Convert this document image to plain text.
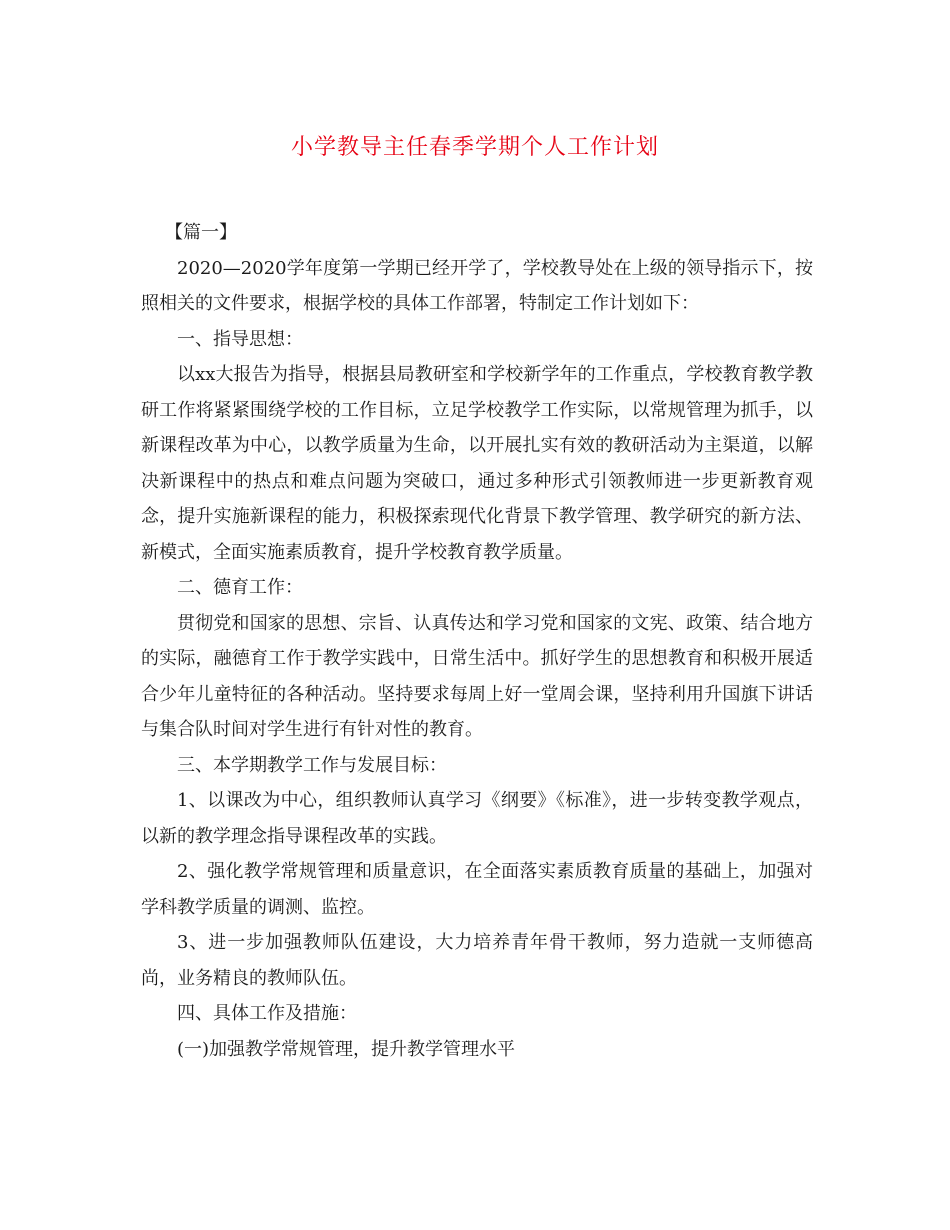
小学教导主任春季学期个人工作计划

【篇一】

2020—2020学年度第一学期已经开学了，学校教导处在上级的领导指示下，按照相关的文件要求，根据学校的具体工作部署，特制定工作计划如下：

一、指导思想：

以xx大报告为指导，根据县局教研室和学校新学年的工作重点，学校教育教学教研工作将紧紧围绕学校的工作目标，立足学校教学工作实际，以常规管理为抓手，以新课程改革为中心，以教学质量为生命，以开展扎实有效的教研活动为主渠道，以解决新课程中的热点和难点问题为突破口，通过多种形式引领教师进一步更新教育观念，提升实施新课程的能力，积极探索现代化背景下教学管理、教学研究的新方法、新模式，全面实施素质教育，提升学校教育教学质量。

二、德育工作：

贯彻党和国家的思想、宗旨、认真传达和学习党和国家的文宪、政策、结合地方的实际，融德育工作于教学实践中，日常生活中。抓好学生的思想教育和积极开展适合少年儿童特征的各种活动。坚持要求每周上好一堂周会课，坚持利用升国旗下讲话与集合队时间对学生进行有针对性的教育。

三、本学期教学工作与发展目标：

1、以课改为中心，组织教师认真学习《纲要》《标准》，进一步转变教学观点，以新的教学理念指导课程改革的实践。

2、强化教学常规管理和质量意识，在全面落实素质教育质量的基础上，加强对学科教学质量的调测、监控。

3、进一步加强教师队伍建设，大力培养青年骨干教师，努力造就一支师德高尚，业务精良的教师队伍。

四、具体工作及措施：

(一)加强教学常规管理，提升教学管理水平
